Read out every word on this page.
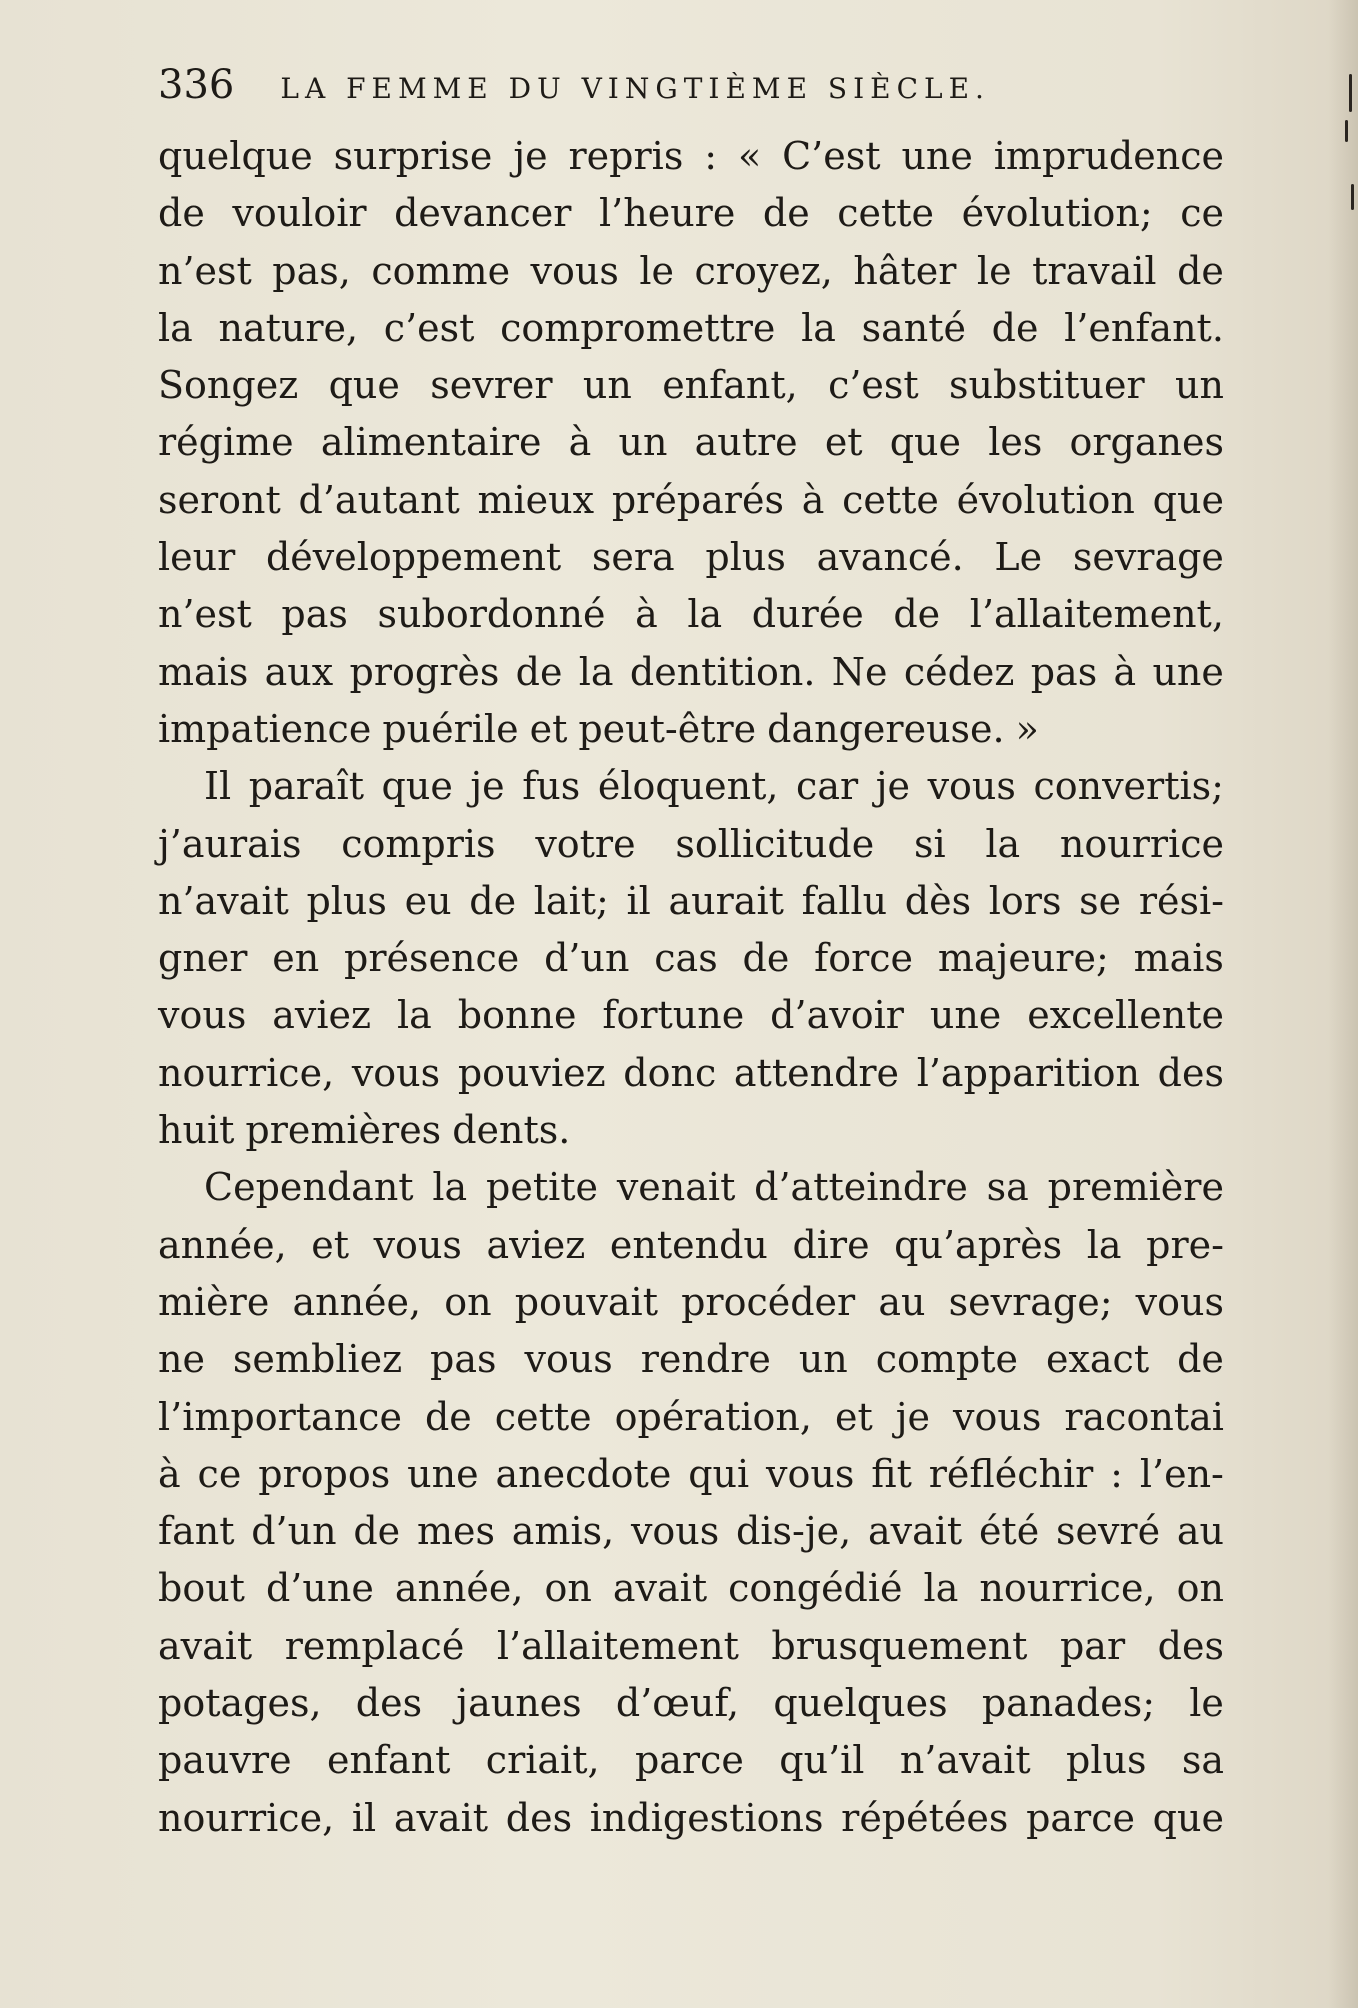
336 LA FEMME DU VINGTIÈME SIÈCLE.
quelque surprise je repris : « C’est une imprudence
de vouloir devancer l’heure de cette évolution; ce
n’est pas, comme vous le croyez, hâter le travail de
la nature, c’est compromettre la santé de l’enfant.
Songez que sevrer un enfant, c’est substituer un
régime alimentaire à un autre et que les organes
seront d’autant mieux préparés à cette évolution que
leur développement sera plus avancé. Le sevrage
n’est pas subordonné à la durée de l’allaitement,
mais aux progrès de la dentition. Ne cédez pas à une
impatience puérile et peut-être dangereuse. »
Il paraît que je fus éloquent, car je vous convertis;
j’aurais compris votre sollicitude si la nourrice
n’avait plus eu de lait; il aurait fallu dès lors se rési-
gner en présence d’un cas de force majeure; mais
vous aviez la bonne fortune d’avoir une excellente
nourrice, vous pouviez donc attendre l’apparition des
huit premières dents.
Cependant la petite venait d’atteindre sa première
année, et vous aviez entendu dire qu’après la pre-
mière année, on pouvait procéder au sevrage; vous
ne sembliez pas vous rendre un compte exact de
l’importance de cette opération, et je vous racontai
à ce propos une anecdote qui vous fit réfléchir : l’en-
fant d’un de mes amis, vous dis-je, avait été sevré au
bout d’une année, on avait congédié la nourrice, on
avait remplacé l’allaitement brusquement par des
potages, des jaunes d’œuf, quelques panades; le
pauvre enfant criait, parce qu’il n’avait plus sa
nourrice, il avait des indigestions répétées parce que
